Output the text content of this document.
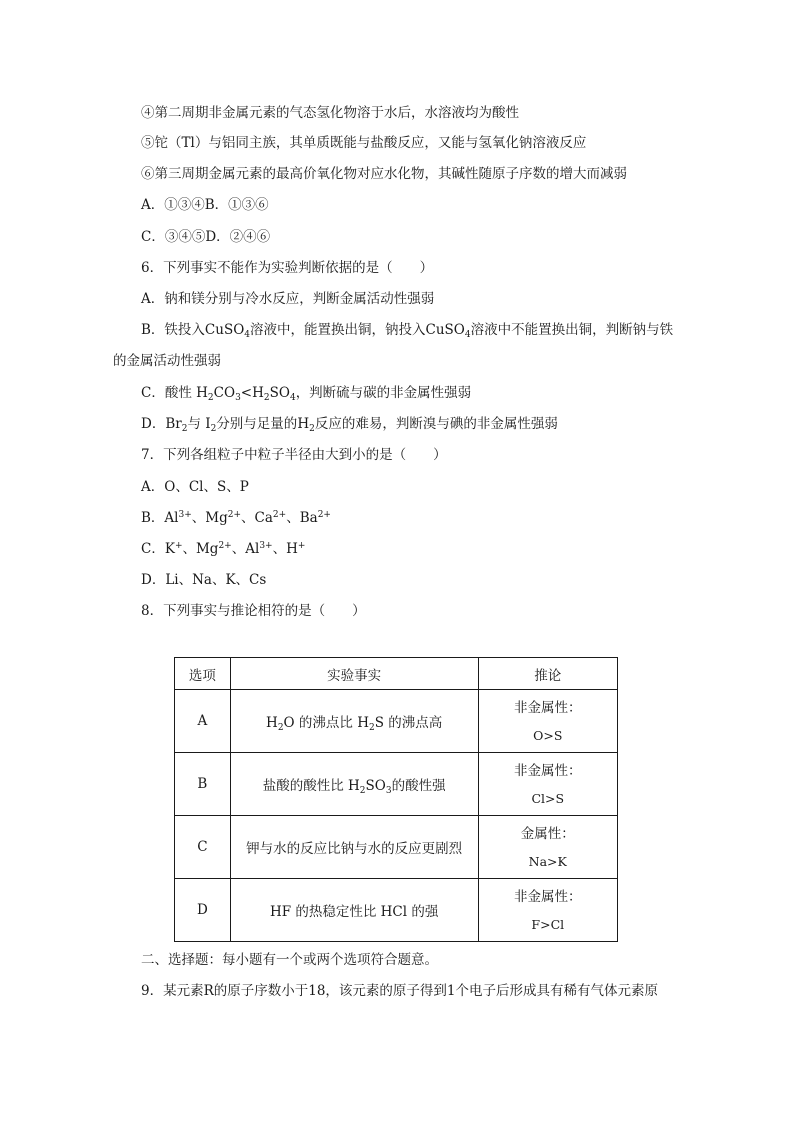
④第二周期非金属元素的气态氢化物溶于水后，水溶液均为酸性
⑤铊（Tl）与铝同主族，其单质既能与盐酸反应，又能与氢氧化钠溶液反应
⑥第三周期金属元素的最高价氧化物对应水化物，其碱性随原子序数的增大而减弱
A．①③④B．①③⑥
C．③④⑤D．②④⑥
6．下列事实不能作为实验判断依据的是（　　）
A．钠和镁分别与冷水反应，判断金属活动性强弱
B．铁投入CuSO$_4$溶液中，能置换出铜，钠投入CuSO$_4$溶液中不能置换出铜，判断钠与铁
的金属活动性强弱
C．酸性 $H_2CO_3<H_2SO_4$，判断硫与碳的非金属性强弱
D．$Br_2$与 $I_2$分别与足量的$H_2$反应的难易，判断溴与碘的非金属性强弱
7．下列各组粒子中粒子半径由大到小的是（　　）
A．O、Cl、S、P
B．$Al^{3+}$、$Mg^{2+}$、$Ca^{2+}$、$Ba^{2+}$
C．K+、$Mg^{2+}$、$Al^{3+}$、H+
D．Li、Na、K、Cs
8．下列事实与推论相符的是（　　）
选项	实验事实	推论
A	$H_2O$ 的沸点比 $H_2S$ 的沸点高	非金属性：
O>S

B	盐酸的酸性比 $H_2SO_3$的酸性强	非金属性：
Cl>S

C	钾与水的反应比钠与水的反应更剧烈	金属性：
Na>K

D	HF 的热稳定性比 HCl 的强	非金属性：
F>Cl
二、选择题：每小题有一个或两个选项符合题意。
9．某元素R的原子序数小于18，该元素的原子得到1个电子后形成具有稀有气体元素原
